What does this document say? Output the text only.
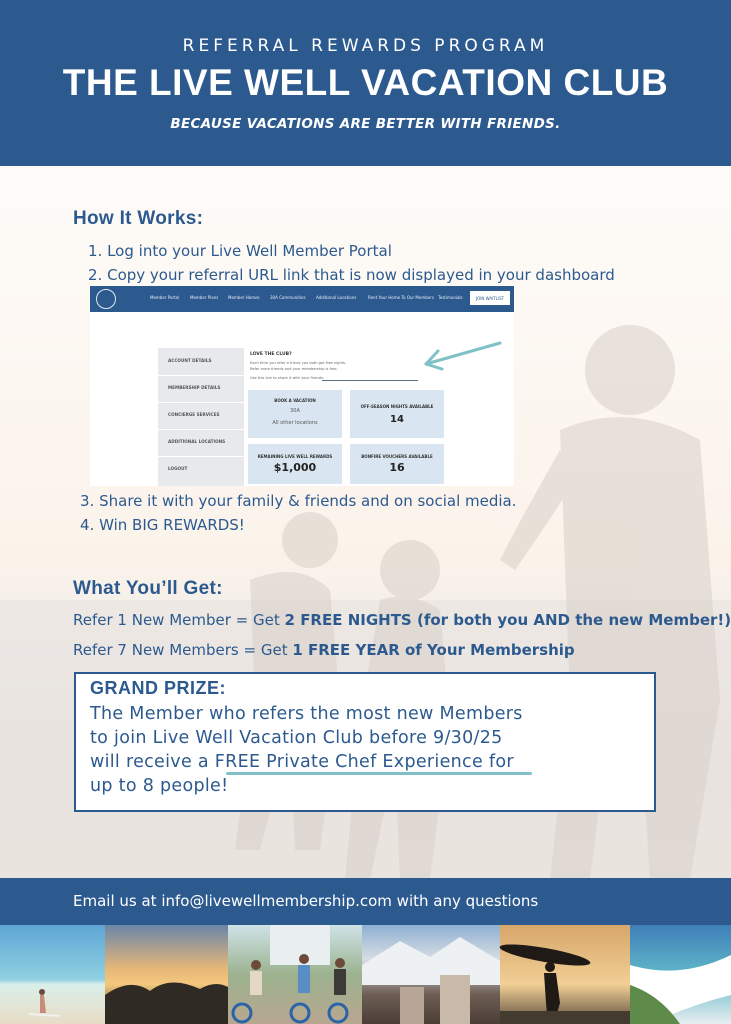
REFERRAL REWARDS PROGRAM
THE LIVE WELL VACATION CLUB
BECAUSE VACATIONS ARE BETTER WITH FRIENDS.
How It Works:
1. Log into your Live Well Member Portal
2. Copy your referral URL link that is now displayed in your dashboard
Member Portal	Member Plans Member Homes	30A Communities	Additional Locations	Rent Your Home To Our Members Testimonials	JOIN WAITLIST
ACCOUNT DETAILS
MEMBERSHIP DETAILS
CONCIERGE SERVICES
ADDITIONAL LOCATIONS
LOGOUT
LOVE THE CLUB?
Each time you refer a friend you both get free nights.
Refer more friends and your membership is free.
Use this link to share it with your friends:
BOOK A VACATION
30A
All other locations
OFF-SEASON NIGHTS AVAILABLE
14
REMAINING LIVE WELL REWARDS
$1,000
BONFIRE VOUCHERS AVAILABLE
16
3. Share it with your family & friends and on social media.
4. Win BIG REWARDS!
What You’ll Get:
Refer 1 New Member = Get 2 FREE NIGHTS (for both you AND the new Member!)
Refer 7 New Members = Get 1 FREE YEAR of Your Membership
GRAND PRIZE:
The Member who refers the most new Members
to join Live Well Vacation Club before 9/30/25
will receive a FREE Private Chef Experience for
up to 8 people!
Email us at info@livewellmembership.com with any questions
